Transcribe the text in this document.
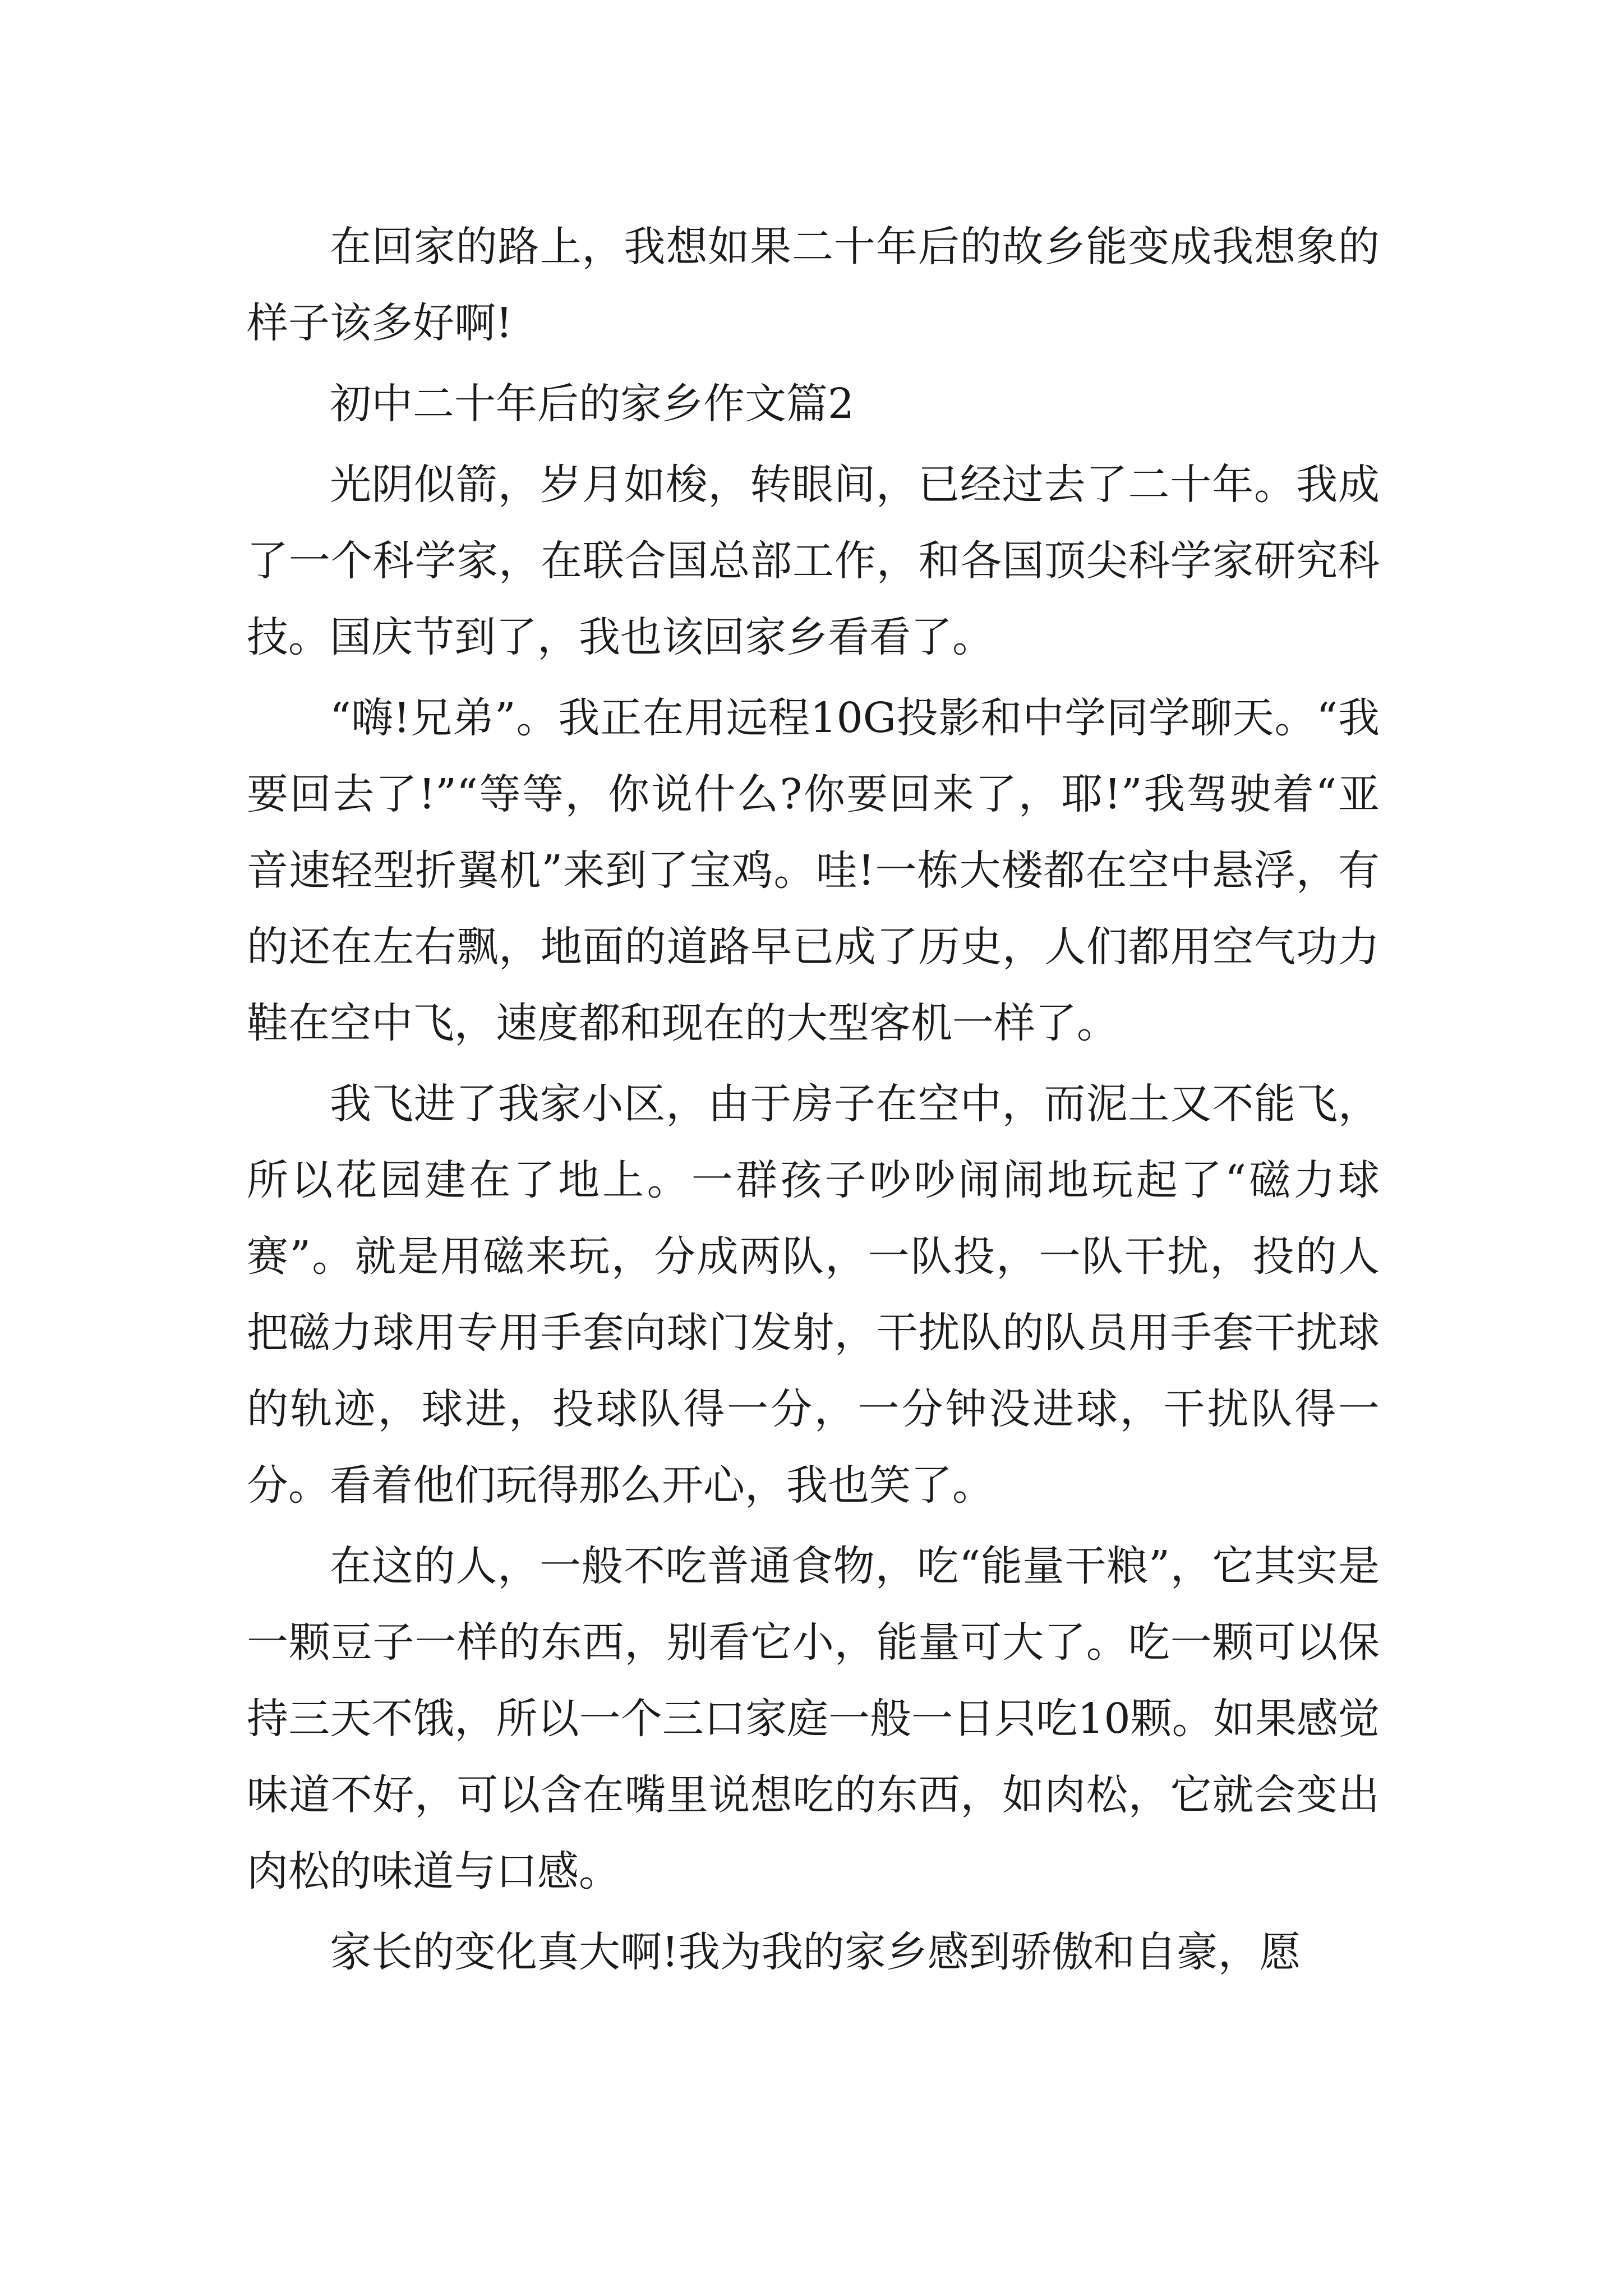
在回家的路上，我想如果二十年后的故乡能变成我想象的样子该多好啊!

初中二十年后的家乡作文篇2

光阴似箭，岁月如梭，转眼间，已经过去了二十年。我成了一个科学家，在联合国总部工作，和各国顶尖科学家研究科技。国庆节到了，我也该回家乡看看了。

“嗨!兄弟”。我正在用远程10G投影和中学同学聊天。“我要回去了!”“等等，你说什么?你要回来了，耶!”我驾驶着“亚音速轻型折翼机”来到了宝鸡。哇!一栋大楼都在空中悬浮，有的还在左右飘，地面的道路早已成了历史，人们都用空气功力鞋在空中飞，速度都和现在的大型客机一样了。

我飞进了我家小区，由于房子在空中，而泥土又不能飞，所以花园建在了地上。一群孩子吵吵闹闹地玩起了“磁力球赛”。就是用磁来玩，分成两队，一队投，一队干扰，投的人把磁力球用专用手套向球门发射，干扰队的队员用手套干扰球的轨迹，球进，投球队得一分，一分钟没进球，干扰队得一分。看着他们玩得那么开心，我也笑了。

在这的人，一般不吃普通食物，吃“能量干粮”，它其实是一颗豆子一样的东西，别看它小，能量可大了。吃一颗可以保持三天不饿，所以一个三口家庭一般一日只吃10颗。如果感觉味道不好，可以含在嘴里说想吃的东西，如肉松，它就会变出肉松的味道与口感。

家长的变化真大啊!我为我的家乡感到骄傲和自豪，愿
